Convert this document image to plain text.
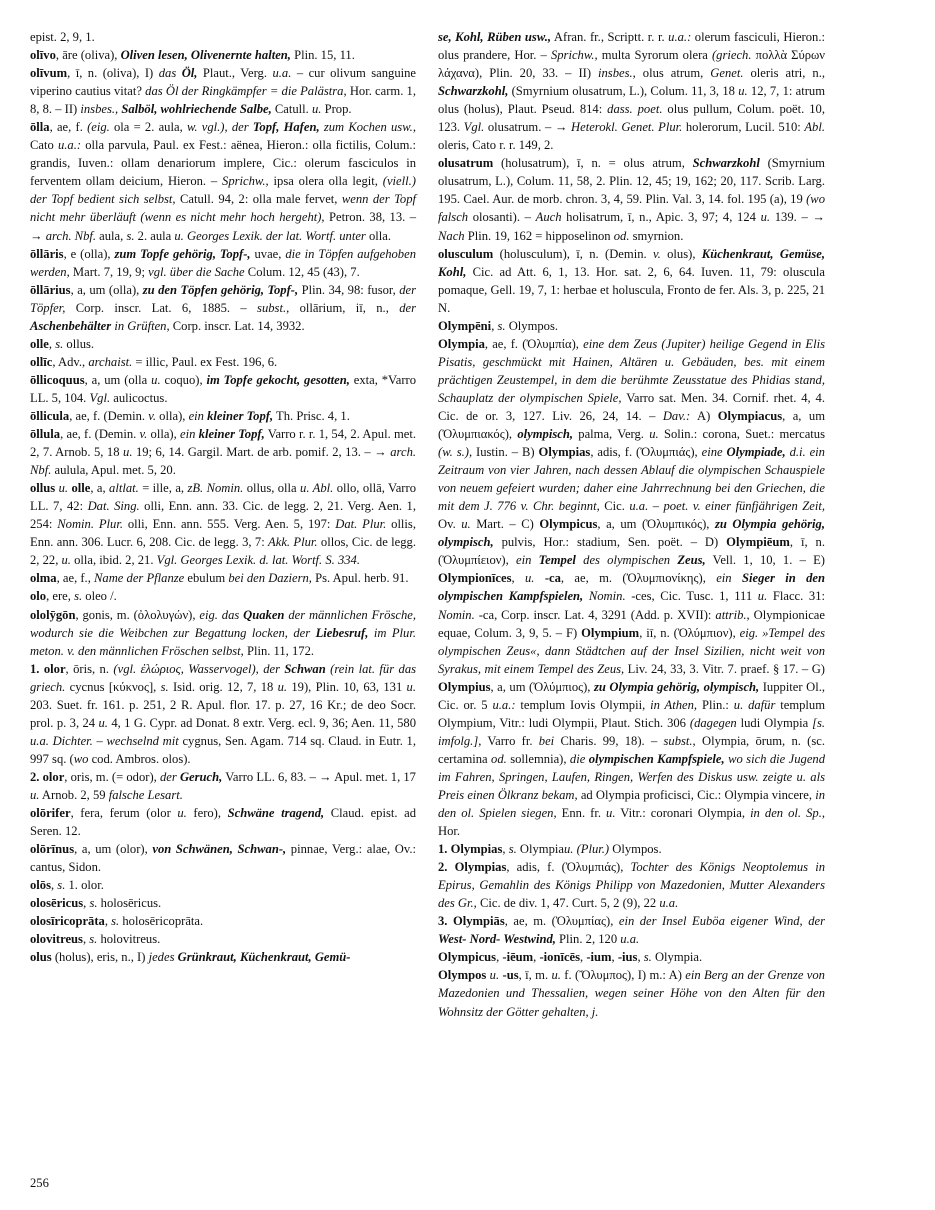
epist. 2, 9, 1.

olīvo, āre (oliva), Oliven lesen, Olivenernte halten, Plin. 15, 11.

olīvum, ī, n. (oliva), I) das Öl, Plaut., Verg. u.a. – cur olivum sanguine viperino cautius vitat? das Öl der Ringkämpfer = die Palästra, Hor. carm. 1, 8, 8. – II) insbes., Salböl, wohlriechende Salbe, Catull. u. Prop.

ōlla, ae, f. (eig. ola = 2. aula, w. vgl.), der Topf, Hafen, zum Kochen usw., Cato u.a.: olla parvula, Paul. ex Fest.: aënea, Hieron.: olla fictilis, Colum.: grandis, Iuven.: ollam denariorum implere, Cic.: olerum fasciculos in ferventem ollam deicium, Hieron. – Sprichw., ipsa olera olla legit, (viell.) der Topf bedient sich selbst, Catull. 94, 2: olla male fervet, wenn der Topf nicht mehr überläuft (wenn es nicht mehr hoch hergeht), Petron. 38, 13. – → arch. Nbf. aula, s. 2. aula u. Georges Lexik. der lat. Wortf. unter olla.

ōllāris, e (olla), zum Topfe gehörig, Topf-, uvae, die in Töpfen aufgehoben werden, Mart. 7, 19, 9; vgl. über die Sache Colum. 12, 45 (43), 7.

ōllārius, a, um (olla), zu den Töpfen gehörig, Topf-, Plin. 34, 98: fusor, der Töpfer, Corp. inscr. Lat. 6, 1885. – subst., ollārium, iī, n., der Aschenbehälter in Grüften, Corp. inscr. Lat. 14, 3932.

olle, s. ollus.

ollīc, Adv., archaist. = illic, Paul. ex Fest. 196, 6.

ōllicoquus, a, um (olla u. coquo), im Topfe gekocht, gesotten, exta, *Varro LL. 5, 104. Vgl. aulicoctus.

ōllicula, ae, f. (Demin. v. olla), ein kleiner Topf, Th. Prisc. 4, 1.

ōllula, ae, f. (Demin. v. olla), ein kleiner Topf, Varro r. r. 1, 54, 2. Apul. met. 2, 7. Arnob. 5, 18 u. 19; 6, 14. Gargil. Mart. de arb. pomif. 2, 13. – → arch. Nbf. aulula, Apul. met. 5, 20.

ollus u. olle, a, altlat. = ille, a, zB. Nomin. ollus, olla u. Abl. ollo, ollā, Varro LL. 7, 42: Dat. Sing. olli, Enn. ann. 33. Cic. de legg. 2, 21. Verg. Aen. 1, 254: Nomin. Plur. olli, Enn. ann. 555. Verg. Aen. 5, 197: Dat. Plur. ollis, Enn. ann. 306. Lucr. 6, 208. Cic. de legg. 3, 7: Akk. Plur. ollos, Cic. de legg. 2, 22, u. olla, ibid. 2, 21. Vgl. Georges Lexik. d. lat. Wortf. S. 334.

olma, ae, f., Name der Pflanze ebulum bei den Daziern, Ps. Apul. herb. 91.

olo, ere, s. oleo /.

ololȳgōn, gonis, m. (ὀλολυγών), eig. das Quaken der männlichen Frösche, wodurch sie die Weibchen zur Begattung locken, der Liebesruf, im Plur. meton. v. den männlichen Fröschen selbst, Plin. 11, 172.

1. olor, ōris, n. (vgl. ἐλώριος, Wasservogel), der Schwan (rein lat. für das griech. cycnus [κύκνος], s. Isid. orig. 12, 7, 18 u. 19), Plin. 10, 63, 131 u. 203. Suet. fr. 161. p. 251, 2 R. Apul. flor. 17. p. 27, 16 Kr.; de deo Socr. prol. p. 3, 24 u. 4, 1 G. Cypr. ad Donat. 8 extr. Verg. ecl. 9, 36; Aen. 11, 580 u.a. Dichter. – wechselnd mit cygnus, Sen. Agam. 714 sq. Claud. in Eutr. 1, 997 sq. (wo cod. Ambros. olos).

2. olor, oris, m. (= odor), der Geruch, Varro LL. 6, 83. – → Apul. met. 1, 17 u. Arnob. 2, 59 falsche Lesart.

olōrifer, fera, ferum (olor u. fero), Schwäne tragend, Claud. epist. ad Seren. 12.

olōrīnus, a, um (olor), von Schwänen, Schwan-, pinnae, Verg.: alae, Ov.: cantus, Sidon.

olōs, s. 1. olor.

olosēricus, s. holosēricus.

olosīricoprāta, s. holosēricoprāta.

olovitreus, s. holovitreus.

olus (holus), eris, n., I) jedes Grünkraut, Küchenkraut, Gemü-

se, Kohl, Rüben usw., Afran. fr., Scriptt. r. r. u.a.: olerum fasciculi, Hieron.: olus prandere, Hor. – Sprichw., multa Syrorum olera (griech. πολλὰ Σύρων λάχανα), Plin. 20, 33. – II) insbes., olus atrum, Genet. oleris atri, n., Schwarzkohl, (Smyrnium olusatrum, L.), Colum. 11, 3, 18 u. 12, 7, 1: atrum olus (holus), Plaut. Pseud. 814: dass. poet. olus pullum, Colum. poët. 10, 123. Vgl. olusatrum. – → Heterokl. Genet. Plur. holerorum, Lucil. 510: Abl. oleris, Cato r. r. 149, 2.

olusatrum (holusatrum), ī, n. = olus atrum, Schwarzkohl (Smyrnium olusatrum, L.), Colum. 11, 58, 2. Plin. 12, 45; 19, 162; 20, 117. Scrib. Larg. 195. Cael. Aur. de morb. chron. 3, 4, 59. Plin. Val. 3, 14. fol. 195 (a), 19 (wo falsch olosanti). – Auch holisatrum, ī, n., Apic. 3, 97; 4, 124 u. 139. – → Nach Plin. 19, 162 = hipposelinon od. smyrnion.

olusculum (holusculum), ī, n. (Demin. v. olus), Küchenkraut, Gemüse, Kohl, Cic. ad Att. 6, 1, 13. Hor. sat. 2, 6, 64. Iuven. 11, 79: oluscula pomaque, Gell. 19, 7, 1: herbae et holuscula, Fronto de fer. Als. 3, p. 225, 21 N.

Olympēni, s. Olympos.

Olympia, ae, f. (Ὀλυμπία), eine dem Zeus (Jupiter) heilige Gegend in Elis Pisatis, geschmückt mit Hainen, Altären u. Gebäuden, bes. mit einem prächtigen Zeustempel, in dem die berühmte Zeusstatue des Phidias stand, Schauplatz der olympischen Spiele, Varro sat. Men. 34. Cornif. rhet. 4, 4. Cic. de or. 3, 127. Liv. 26, 24, 14. – Dav.: A) Olympiacus, a, um (Ὀλυμπιακός), olympisch, palma, Verg. u. Solin.: corona, Suet.: mercatus (w. s.), Iustin. – B) Olympias, adis, f. (Ὀλυμπιάς), eine Olympiade, d.i. ein Zeitraum von vier Jahren, nach dessen Ablauf die olympischen Schauspiele von neuem gefeiert wurden; daher eine Jahrrechnung bei den Griechen, die mit dem J. 776 v. Chr. beginnt, Cic. u.a. – poet. v. einer fünfjährigen Zeit, Ov. u. Mart. – C) Olympicus, a, um (Ὀλυμπικός), zu Olympia gehörig, olympisch, pulvis, Hor.: stadium, Sen. poët. – D) Olympiēum, ī, n. (Ὀλυμπίειον), ein Tempel des olympischen Zeus, Vell. 1, 10, 1. – E) Olympionīces, u. -ca, ae, m. (Ὀλυμπιονίκης), ein Sieger in den olympischen Kampfspielen, Nomin. -ces, Cic. Tusc. 1, 111 u. Flacc. 31: Nomin. -ca, Corp. inscr. Lat. 4, 3291 (Add. p. XVII): attrib., Olympionicae equae, Colum. 3, 9, 5. – F) Olympium, iī, n. (Ὀλύμπιον), eig. »Tempel des olympischen Zeus«, dann Städtchen auf der Insel Sizilien, nicht weit von Syrakus, mit einem Tempel des Zeus, Liv. 24, 33, 3. Vitr. 7. praef. § 17. – G) Olympius, a, um (Ὀλύμπιος), zu Olympia gehörig, olympisch, Iuppiter Ol., Cic. or. 5 u.a.: templum Iovis Olympii, in Athen, Plin.: u. dafür templum Olympium, Vitr.: ludi Olympii, Plaut. Stich. 306 (dagegen ludi Olympia [s. imfolg.], Varro fr. bei Charis. 99, 18). – subst., Olympia, ōrum, n. (sc. certamina od. sollemnia), die olympischen Kampfspiele, wo sich die Jugend im Fahren, Springen, Laufen, Ringen, Werfen des Diskus usw. zeigte u. als Preis einen Ölkranz bekam, ad Olympia proficisci, Cic.: Olympia vincere, in den ol. Spielen siegen, Enn. fr. u. Vitr.: coronari Olympia, in den ol. Sp., Hor.

1. Olympias, s. Olympiau. (Plur.) Olympos.

2. Olympias, adis, f. (Ὀλυμπιάς), Tochter des Königs Neoptolemus in Epirus, Gemahlin des Königs Philipp von Mazedonien, Mutter Alexanders des Gr., Cic. de div. 1, 47. Curt. 5, 2 (9), 22 u.a.

3. Olympiās, ae, m. (Ὀλυμπίας), ein der Insel Euböa eigener Wind, der West- Nord- Westwind, Plin. 2, 120 u.a.

Olympicus, -iēum, -ionīcēs, -ium, -ius, s. Olympia.

Olympos u. -us, ī, m. u. f. (Ὄλυμπος), I) m.: A) ein Berg an der Grenze von Mazedonien und Thessalien, wegen seiner Höhe von den Alten für den Wohnsitz der Götter gehalten, j.

256
